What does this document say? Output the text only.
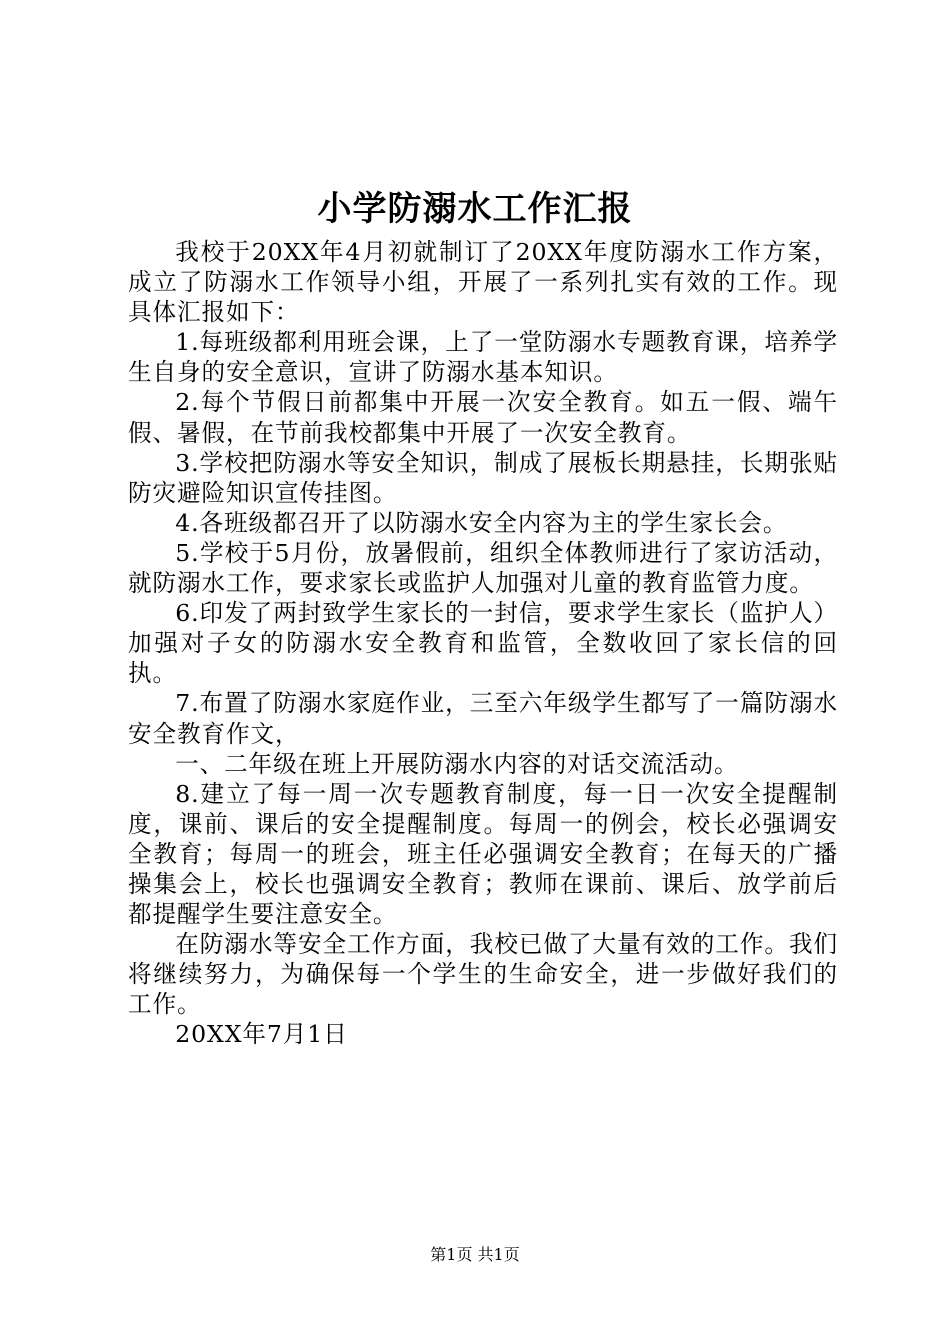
小学防溺水工作汇报

我校于20XX年4月初就制订了20XX年度防溺水工作方案，成立了防溺水工作领导小组，开展了一系列扎实有效的工作。现具体汇报如下：

1.每班级都利用班会课，上了一堂防溺水专题教育课，培养学生自身的安全意识，宣讲了防溺水基本知识。

2.每个节假日前都集中开展一次安全教育。如五一假、端午假、暑假，在节前我校都集中开展了一次安全教育。

3.学校把防溺水等安全知识，制成了展板长期悬挂，长期张贴防灾避险知识宣传挂图。

4.各班级都召开了以防溺水安全内容为主的学生家长会。

5.学校于5月份，放暑假前，组织全体教师进行了家访活动，就防溺水工作，要求家长或监护人加强对儿童的教育监管力度。

6.印发了两封致学生家长的一封信，要求学生家长（监护人）加强对子女的防溺水安全教育和监管，全数收回了家长信的回执。

7.布置了防溺水家庭作业，三至六年级学生都写了一篇防溺水安全教育作文，

一、二年级在班上开展防溺水内容的对话交流活动。

8.建立了每一周一次专题教育制度，每一日一次安全提醒制度，课前、课后的安全提醒制度。每周一的例会，校长必强调安全教育；每周一的班会，班主任必强调安全教育；在每天的广播操集会上，校长也强调安全教育；教师在课前、课后、放学前后都提醒学生要注意安全。

在防溺水等安全工作方面，我校已做了大量有效的工作。我们将继续努力，为确保每一个学生的生命安全，进一步做好我们的工作。

20XX年7月1日

第1页 共1页
